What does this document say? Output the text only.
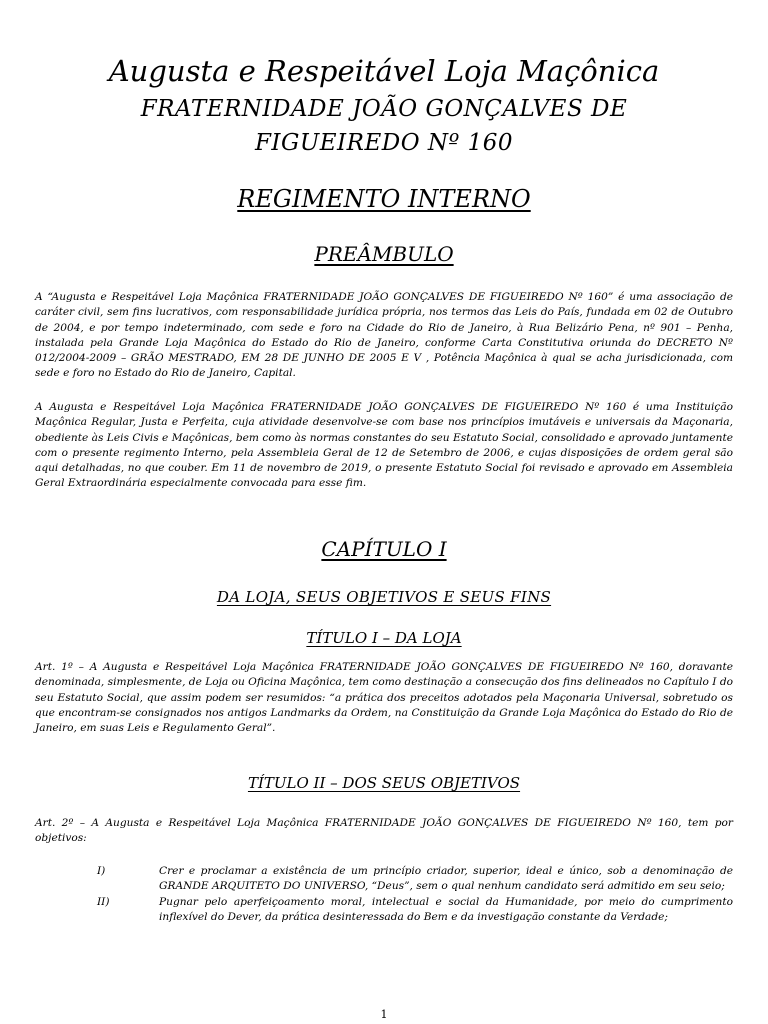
Augusta e Respeitável Loja Maçônica
FRATERNIDADE JOÃO GONÇALVES DE
FIGUEIREDO Nº 160
REGIMENTO INTERNO
PREÂMBULO
A “Augusta e Respeitável Loja Maçônica FRATERNIDADE JOÃO GONÇALVES DE FIGUEIREDO Nº 160” é uma associação de caráter civil, sem fins lucrativos, com responsabilidade jurídica própria, nos termos das Leis do País, fundada em 02 de Outubro de 2004, e por tempo indeterminado, com sede e foro na Cidade do Rio de Janeiro, à Rua Belizário Pena, nº 901 – Penha, instalada pela Grande Loja Maçônica do Estado do Rio de Janeiro, conforme Carta Constitutiva oriunda do DECRETO Nº 012/2004-2009 – GRÃO MESTRADO, EM 28 DE JUNHO DE 2005 E V , Potência Maçônica à qual se acha jurisdicionada, com sede e foro no Estado do Rio de Janeiro, Capital.
A Augusta e Respeitável Loja Maçônica FRATERNIDADE JOÃO GONÇALVES DE FIGUEIREDO Nº 160 é uma Instituição Maçônica Regular, Justa e Perfeita, cuja atividade desenvolve-se com base nos princípios imutáveis e universais da Maçonaria, obediente às Leis Civis e Maçônicas, bem como às normas constantes do seu Estatuto Social, consolidado e aprovado juntamente com o presente regimento Interno, pela Assembleia Geral de 12 de Setembro de 2006, e cujas disposições de ordem geral são aqui detalhadas, no que couber. Em 11 de novembro de 2019, o presente Estatuto Social foi revisado e aprovado em Assembleia Geral Extraordinária especialmente convocada para esse fim.
CAPÍTULO I
DA LOJA, SEUS OBJETIVOS E SEUS FINS
TÍTULO I – DA LOJA
Art. 1º – A Augusta e Respeitável Loja Maçônica FRATERNIDADE JOÃO GONÇALVES DE FIGUEIREDO Nº 160, doravante denominada, simplesmente, de Loja ou Oficina Maçônica, tem como destinação a consecução dos fins delineados no Capítulo I do seu Estatuto Social, que assim podem ser resumidos: “a prática dos preceitos adotados pela Maçonaria Universal, sobretudo os que encontram-se consignados nos antigos Landmarks da Ordem, na Constituição da Grande Loja Maçônica do Estado do Rio de Janeiro, em suas Leis e Regulamento Geral”.
TÍTULO II – DOS SEUS OBJETIVOS
Art. 2º – A Augusta e Respeitável Loja Maçônica FRATERNIDADE JOÃO GONÇALVES DE FIGUEIREDO Nº 160, tem por objetivos:
I)	Crer e proclamar a existência de um princípio criador, superior, ideal e único, sob a denominação de GRANDE ARQUITETO DO UNIVERSO, “Deus”, sem o qual nenhum candidato será admitido em seu seio;
II)	Pugnar pelo aperfeiçoamento moral, intelectual e social da Humanidade, por meio do cumprimento inflexível do Dever, da prática desinteressada do Bem e da investigação constante da Verdade;
1
